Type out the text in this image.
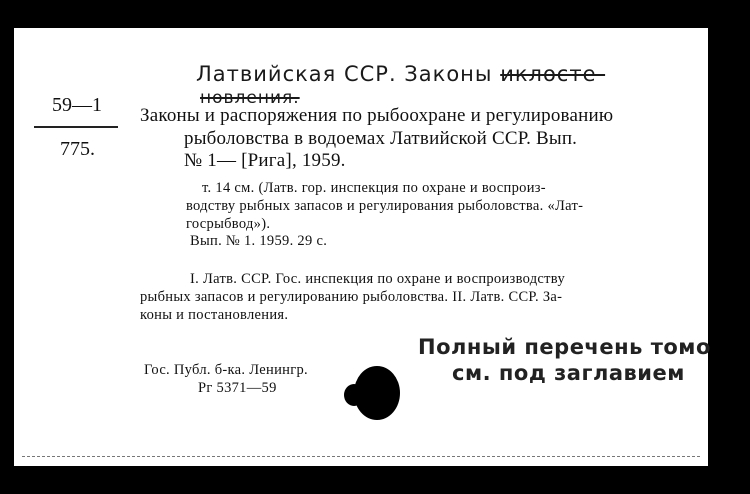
Латвийская ССР. Законы иклосте-
новления.
59—1
775.
Законы и распоряжения по рыбоохране и регулированию
рыболовства в водоемах Латвийской ССР. Вып.
№ 1— [Рига], 1959.
т. 14 см. (Латв. гор. инспекция по охране и воспроиз-
водству рыбных запасов и регулирования рыболовства. «Лат-
госрыбвод»).
Вып. № 1. 1959. 29 с.
I. Латв. ССР. Гос. инспекция по охране и воспроизводству
рыбных запасов и регулированию рыболовства. II. Латв. ССР. За-
коны и постановления.
Гос. Публ. б-ка. Ленингр.
Рг 5371—59
Полный перечень томо
см. под заглавием
